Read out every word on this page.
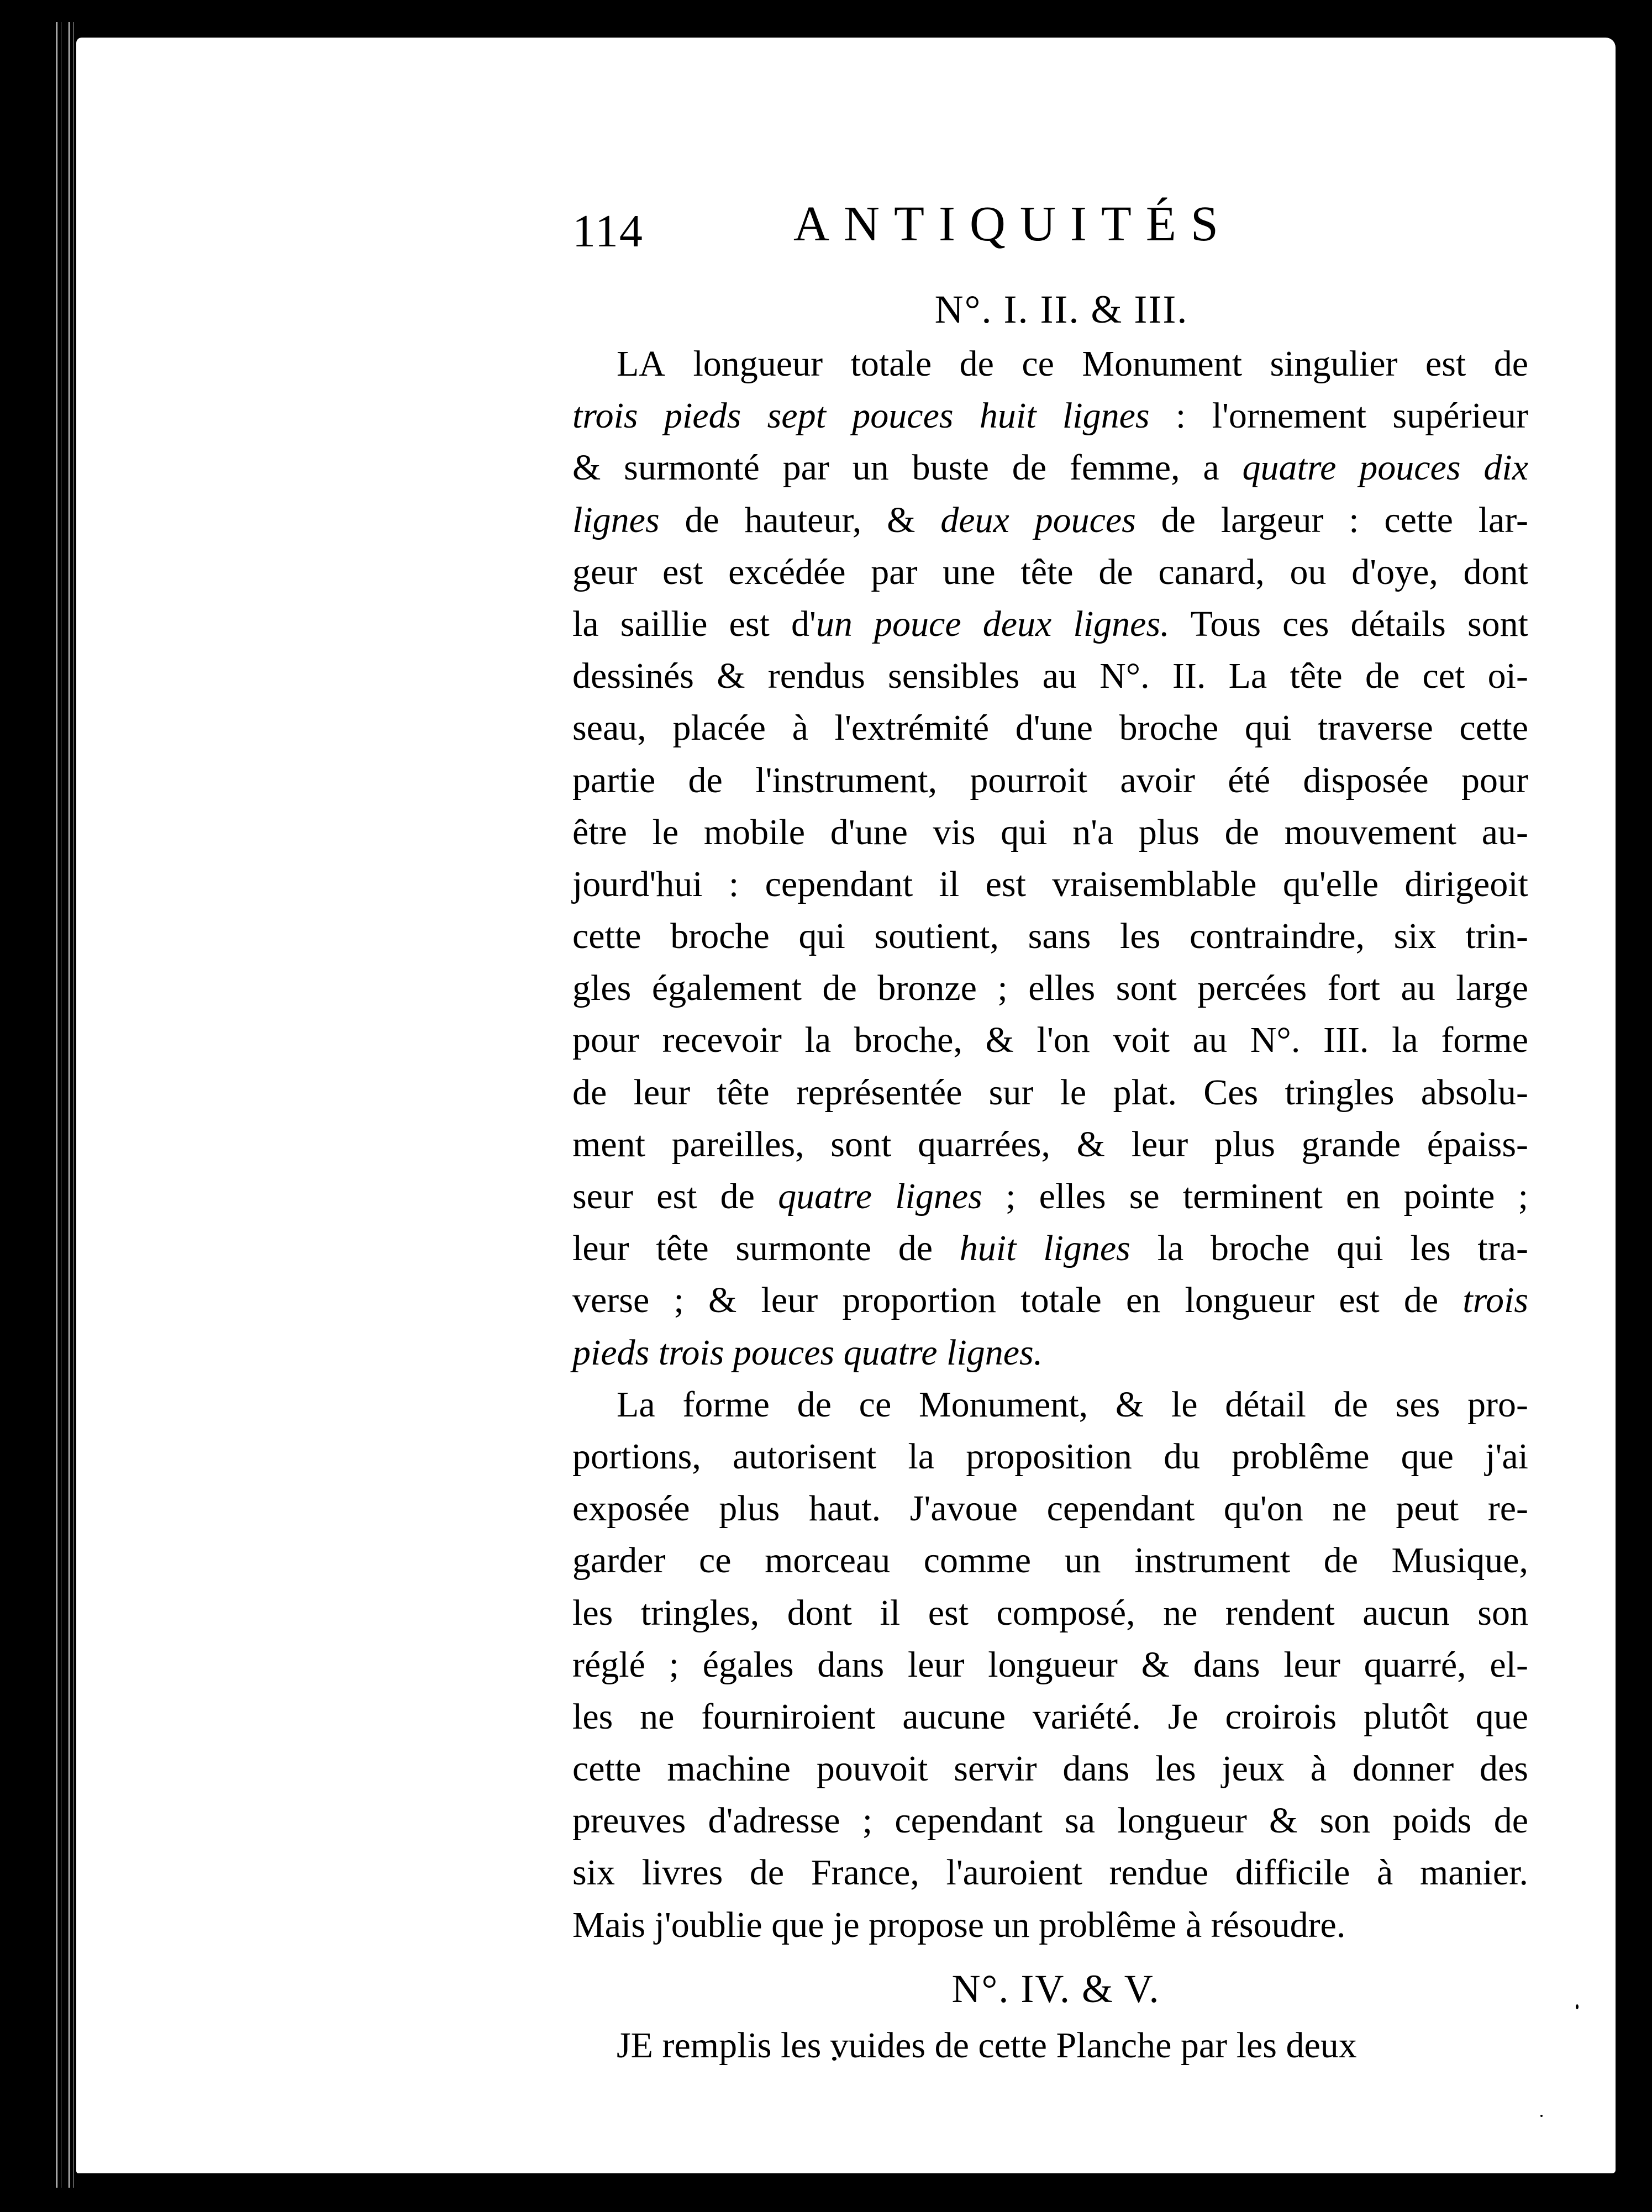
114	ANTIQUITÉS
N°. I. II. & III.
LA longueur totale de ce Monument singulier est de
trois pieds sept pouces huit lignes : l'ornement supérieur
& surmonté par un buste de femme, a quatre pouces dix
lignes de hauteur, & deux pouces de largeur : cette lar-
geur est excédée par une tête de canard, ou d'oye, dont
la saillie est d'un pouce deux lignes. Tous ces détails sont
dessinés & rendus sensibles au N°. II. La tête de cet oi-
seau, placée à l'extrémité d'une broche qui traverse cette
partie de l'instrument, pourroit avoir été disposée pour
être le mobile d'une vis qui n'a plus de mouvement au-
jourd'hui : cependant il est vraisemblable qu'elle dirigeoit
cette broche qui soutient, sans les contraindre, six trin-
gles également de bronze ; elles sont percées fort au large
pour recevoir la broche, & l'on voit au N°. III. la forme
de leur tête représentée sur le plat. Ces tringles absolu-
ment pareilles, sont quarrées, & leur plus grande épaiss-
seur est de quatre lignes ; elles se terminent en pointe ;
leur tête surmonte de huit lignes la broche qui les tra-
verse ; & leur proportion totale en longueur est de trois
pieds trois pouces quatre lignes.
La forme de ce Monument, & le détail de ses pro-
portions, autorisent la proposition du problême que j'ai
exposée plus haut. J'avoue cependant qu'on ne peut re-
garder ce morceau comme un instrument de Musique,
les tringles, dont il est composé, ne rendent aucun son
réglé ; égales dans leur longueur & dans leur quarré, el-
les ne fourniroient aucune variété. Je croirois plutôt que
cette machine pouvoit servir dans les jeux à donner des
preuves d'adresse ; cependant sa longueur & son poids de
six livres de France, l'auroient rendue difficile à manier.
Mais j'oublie que je propose un problême à résoudre.
N°. IV. & V.
JE remplis les vuides de cette Planche par les deux
